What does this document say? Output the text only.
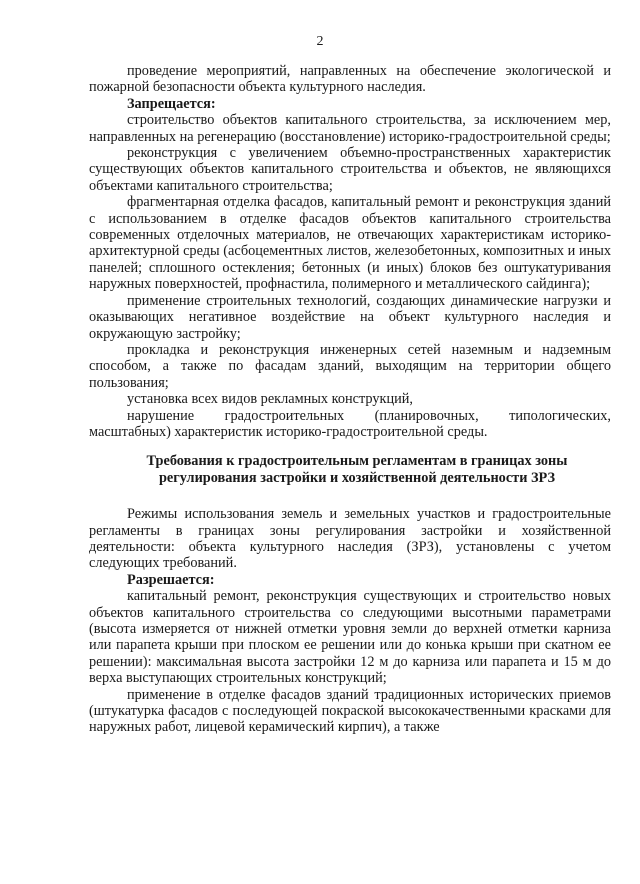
2

проведение мероприятий, направленных на обеспечение экологической и пожарной безопасности объекта культурного наследия.

Запрещается:

строительство объектов капитального строительства, за исключением мер, направленных на регенерацию (восстановление) историко-градостроительной среды;

реконструкция с увеличением объемно-пространственных характеристик существующих объектов капитального строительства и объектов, не являющихся объектами капитального строительства;

фрагментарная отделка фасадов, капитальный ремонт и реконструкция зданий с использованием в отделке фасадов объектов капитального строительства современных отделочных материалов, не отвечающих характеристикам историко-архитектурной среды (асбоцементных листов, железобетонных, композитных и иных панелей; сплошного остекления; бетонных (и иных) блоков без оштукатуривания наружных поверхностей, профнастила, полимерного и металлического сайдинга);

применение строительных технологий, создающих динамические нагрузки и оказывающих негативное воздействие на объект культурного наследия и окружающую застройку;

прокладка и реконструкция инженерных сетей наземным и надземным способом, а также по фасадам зданий, выходящим на территории общего пользования;

установка всех видов рекламных конструкций,

нарушение градостроительных (планировочных, типологических, масштабных) характеристик историко-градостроительной среды.

Требования к градостроительным регламентам в границах зоны регулирования застройки и хозяйственной деятельности ЗРЗ

Режимы использования земель и земельных участков и градостроительные регламенты в границах зоны регулирования застройки и хозяйственной деятельности: объекта культурного наследия (ЗРЗ), установлены с учетом следующих требований.

Разрешается:

капитальный ремонт, реконструкция существующих и строительство новых объектов капитального строительства со следующими высотными параметрами (высота измеряется от нижней отметки уровня земли до верхней отметки карниза или парапета крыши при плоском ее решении или до конька крыши при скатном ее решении): максимальная высота застройки 12 м до карниза или парапета и 15 м до верха выступающих строительных конструкций;

применение в отделке фасадов зданий традиционных исторических приемов (штукатурка фасадов с последующей покраской высококачественными красками для наружных работ, лицевой керамический кирпич), а также
